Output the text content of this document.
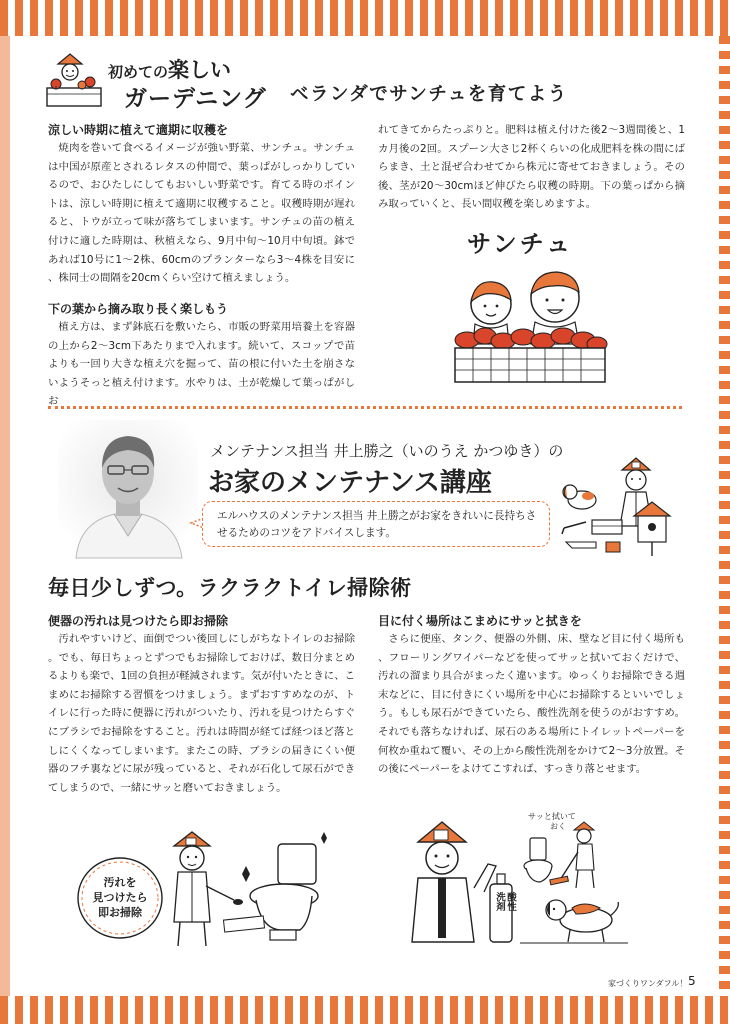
初めての楽しい
ガーデニング ベランダでサンチュを育てよう
涼しい時期に植えて適期に収穫を

焼肉を巻いて食べるイメージが強い野菜、サンチュ。サンチュは中国が原産とされるレタスの仲間で、葉っぱがしっかりしているので、おひたしにしてもおいしい野菜です。育てる時のポイントは、涼しい時期に植えて適期に収穫すること。収穫時期が遅れると、トウが立って味が落ちてしまいます。サンチュの苗の植え付けに適した時期は、秋植えなら、9月中旬〜10月中旬頃。鉢であれば10号に1〜2株、60cmのプランターなら3〜4株を目安に、株同士の間隔を20cmくらい空けて植えましょう。

下の葉から摘み取り長く楽しもう

植え方は、まず鉢底石を敷いたら、市販の野菜用培養土を容器の上から2〜3cm下あたりまで入れます。続いて、スコップで苗よりも一回り大きな植え穴を掘って、苗の根に付いた土を崩さないようそっと植え付けます。水やりは、土が乾燥して葉っぱがしお

れてきてからたっぷりと。肥料は植え付けた後2〜3週間後と、1カ月後の2回。スプーン大さじ2杯くらいの化成肥料を株の間にばらまき、土と混ぜ合わせてから株元に寄せておきましょう。その後、茎が20〜30cmほど伸びたら収穫の時期。下の葉っぱから摘み取っていくと、長い間収穫を楽しめますよ。

サンチュ
メンテナンス担当 井上勝之（いのうえ かつゆき）の
お家のメンテナンス講座
エルハウスのメンテナンス担当 井上勝之がお家をきれいに長持ちさせるためのコツをアドバイスします。
毎日少しずつ。ラクラクトイレ掃除術
便器の汚れは見つけたら即お掃除

汚れやすいけど、面倒でつい後回しにしがちなトイレのお掃除。でも、毎日ちょっとずつでもお掃除しておけば、数日分まとめるよりも楽で、1回の負担が軽減されます。気が付いたときに、こまめにお掃除する習慣をつけましょう。まずおすすめなのが、トイレに行った時に便器に汚れがついたり、汚れを見つけたらすぐにブラシでお掃除をすること。汚れは時間が経てば経つほど落としにくくなってしまいます。またこの時、ブラシの届きにくい便器のフチ裏などに尿が残っていると、それが石化して尿石ができてしまうので、一緒にサッと磨いておきましょう。

目に付く場所はこまめにサッと拭きを

さらに便座、タンク、便器の外側、床、壁など目に付く場所も、フローリングワイパーなどを使ってサッと拭いておくだけで、汚れの溜まり具合がまったく違います。ゆっくりお掃除できる週末などに、目に付きにくい場所を中心にお掃除するといいでしょう。もしも尿石ができていたら、酸性洗剤を使うのがおすすめ。それでも落ちなければ、尿石のある場所にトイレットペーパーを何枚か重ねて覆い、その上から酸性洗剤をかけて2〜3分放置。その後にペーパーをよけてこすれば、すっきり落とせます。

汚れを
見つけたら
即お掃除
サッと拭いて
おく
酸性洗剤
家づくりワンダフル！ 5
